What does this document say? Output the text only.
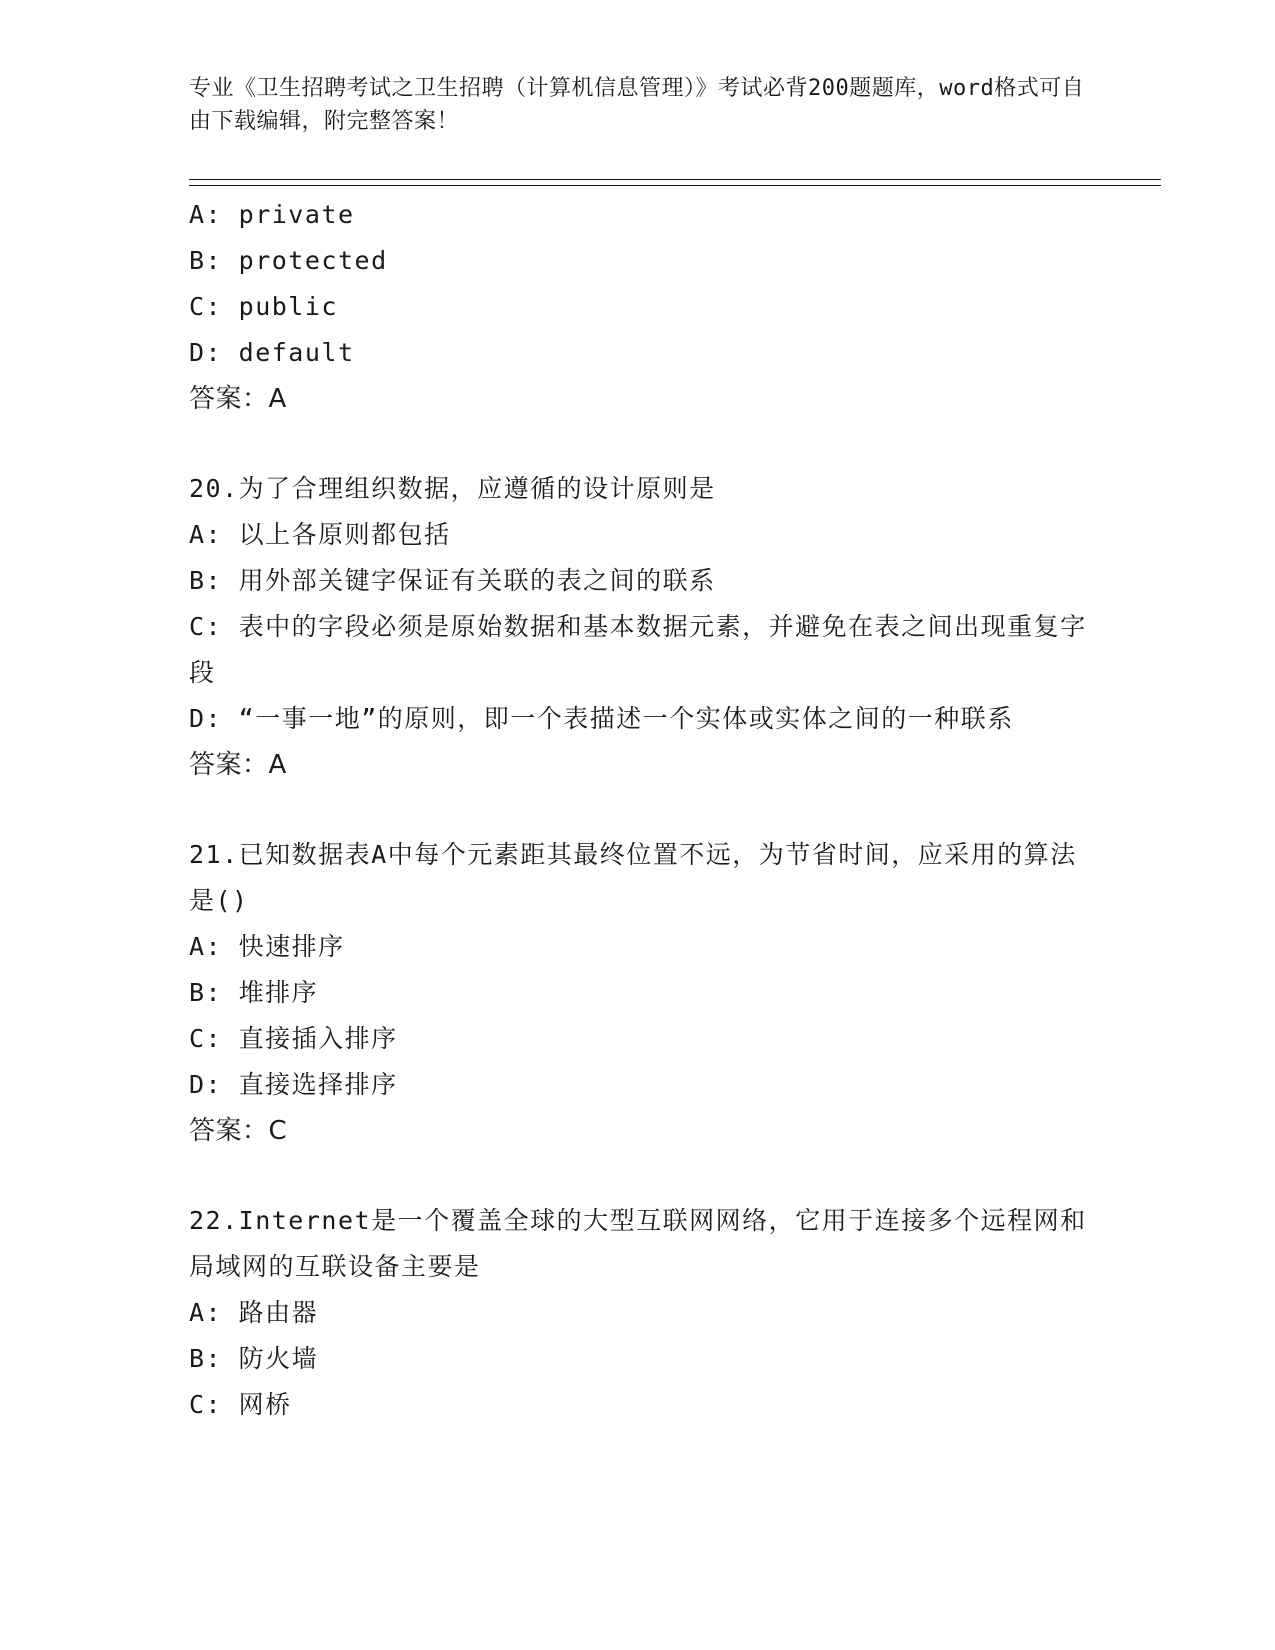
专业《卫生招聘考试之卫生招聘（计算机信息管理）》考试必背200题题库，word格式可自由下载编辑，附完整答案！
A: private
B: protected
C: public
D: default
答案：A
20.为了合理组织数据，应遵循的设计原则是
A: 以上各原则都包括
B: 用外部关键字保证有关联的表之间的联系
C: 表中的字段必须是原始数据和基本数据元素，并避免在表之间出现重复字段
D: “一事一地”的原则，即一个表描述一个实体或实体之间的一种联系
答案：A
21.已知数据表A中每个元素距其最终位置不远，为节省时间，应采用的算法是()
A: 快速排序
B: 堆排序
C: 直接插入排序
D: 直接选择排序
答案：C
22.Internet是一个覆盖全球的大型互联网网络，它用于连接多个远程网和局域网的互联设备主要是
A: 路由器
B: 防火墙
C: 网桥
